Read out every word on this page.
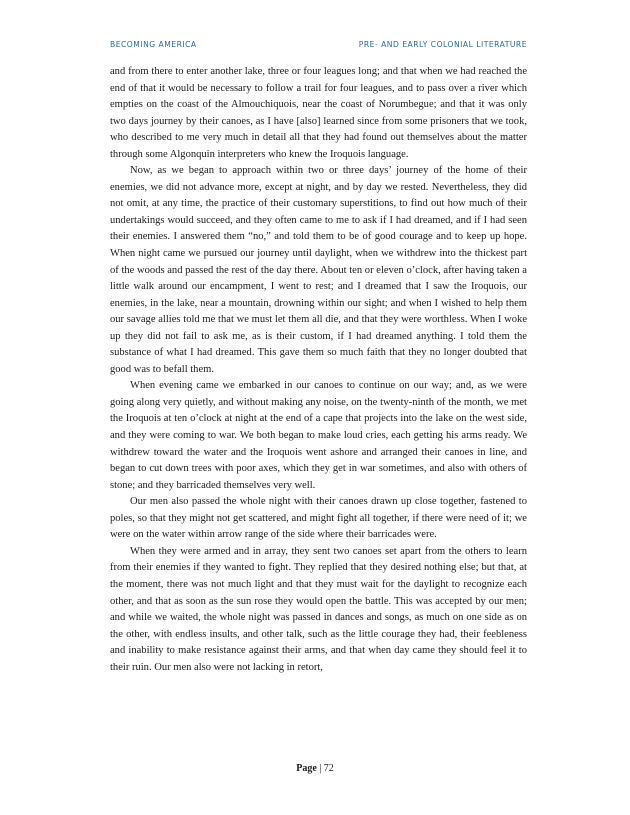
BECOMING AMERICA	PRE- AND EARLY COLONIAL LITERATURE

and from there to enter another lake, three or four leagues long; and that when we had reached the end of that it would be necessary to follow a trail for four leagues, and to pass over a river which empties on the coast of the Almouchiquois, near the coast of Norumbegue; and that it was only two days journey by their canoes, as I have [also] learned since from some prisoners that we took, who described to me very much in detail all that they had found out themselves about the matter through some Algonquin interpreters who knew the Iroquois language.

Now, as we began to approach within two or three days’ journey of the home of their enemies, we did not advance more, except at night, and by day we rested. Nevertheless, they did not omit, at any time, the practice of their customary superstitions, to find out how much of their undertakings would succeed, and they often came to me to ask if I had dreamed, and if I had seen their enemies. I answered them “no,” and told them to be of good courage and to keep up hope. When night came we pursued our journey until daylight, when we withdrew into the thickest part of the woods and passed the rest of the day there. About ten or eleven o’clock, after having taken a little walk around our encampment, I went to rest; and I dreamed that I saw the Iroquois, our enemies, in the lake, near a mountain, drowning within our sight; and when I wished to help them our savage allies told me that we must let them all die, and that they were worthless. When I woke up they did not fail to ask me, as is their custom, if I had dreamed anything. I told them the substance of what I had dreamed. This gave them so much faith that they no longer doubted that good was to befall them.

When evening came we embarked in our canoes to continue on our way; and, as we were going along very quietly, and without making any noise, on the twenty-ninth of the month, we met the Iroquois at ten o’clock at night at the end of a cape that projects into the lake on the west side, and they were coming to war. We both began to make loud cries, each getting his arms ready. We withdrew toward the water and the Iroquois went ashore and arranged their canoes in line, and began to cut down trees with poor axes, which they get in war sometimes, and also with others of stone; and they barricaded themselves very well.

Our men also passed the whole night with their canoes drawn up close together, fastened to poles, so that they might not get scattered, and might fight all together, if there were need of it; we were on the water within arrow range of the side where their barricades were.

When they were armed and in array, they sent two canoes set apart from the others to learn from their enemies if they wanted to fight. They replied that they desired nothing else; but that, at the moment, there was not much light and that they must wait for the daylight to recognize each other, and that as soon as the sun rose they would open the battle. This was accepted by our men; and while we waited, the whole night was passed in dances and songs, as much on one side as on the other, with endless insults, and other talk, such as the little courage they had, their feebleness and inability to make resistance against their arms, and that when day came they should feel it to their ruin. Our men also were not lacking in retort,

Page | 72
